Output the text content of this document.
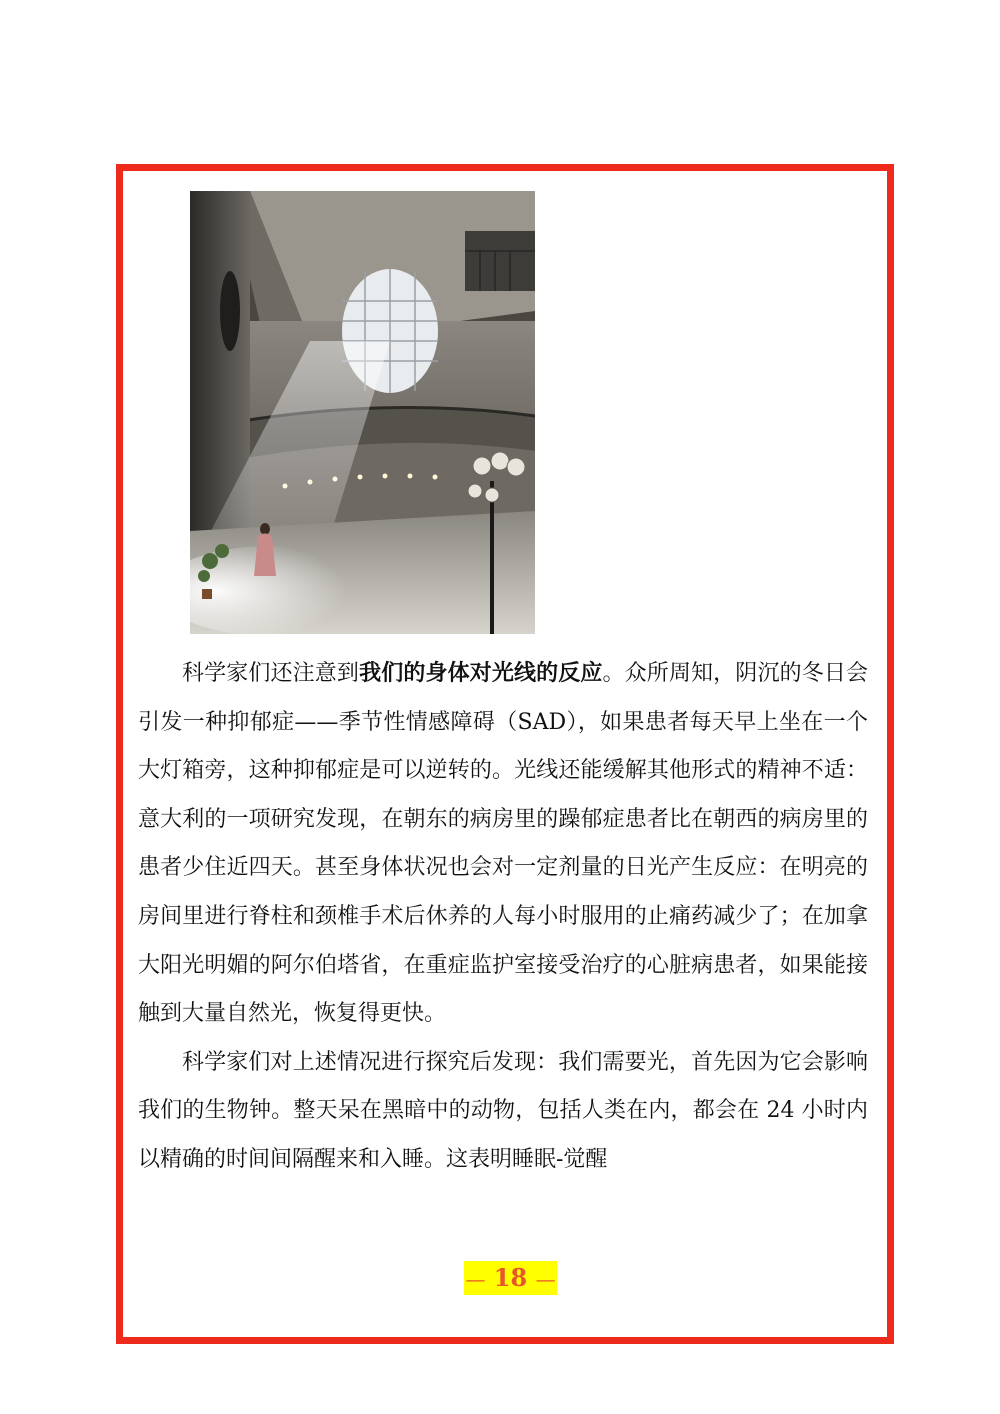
科学家们还注意到我们的身体对光线的反应。众所周知，阴沉的冬日会引发一种抑郁症——季节性情感障碍（SAD），如果患者每天早上坐在一个大灯箱旁，这种抑郁症是可以逆转的。光线还能缓解其他形式的精神不适：意大利的一项研究发现，在朝东的病房里的躁郁症患者比在朝西的病房里的患者少住近四天。甚至身体状况也会对一定剂量的日光产生反应：在明亮的房间里进行脊柱和颈椎手术后休养的人每小时服用的止痛药减少了；在加拿大阳光明媚的阿尔伯塔省，在重症监护室接受治疗的心脏病患者，如果能接触到大量自然光，恢复得更快。

科学家们对上述情况进行探究后发现：我们需要光，首先因为它会影响我们的生物钟。整天呆在黑暗中的动物，包括人类在内，都会在 24 小时内以精确的时间间隔醒来和入睡。这表明睡眠-觉醒

— 18 —
